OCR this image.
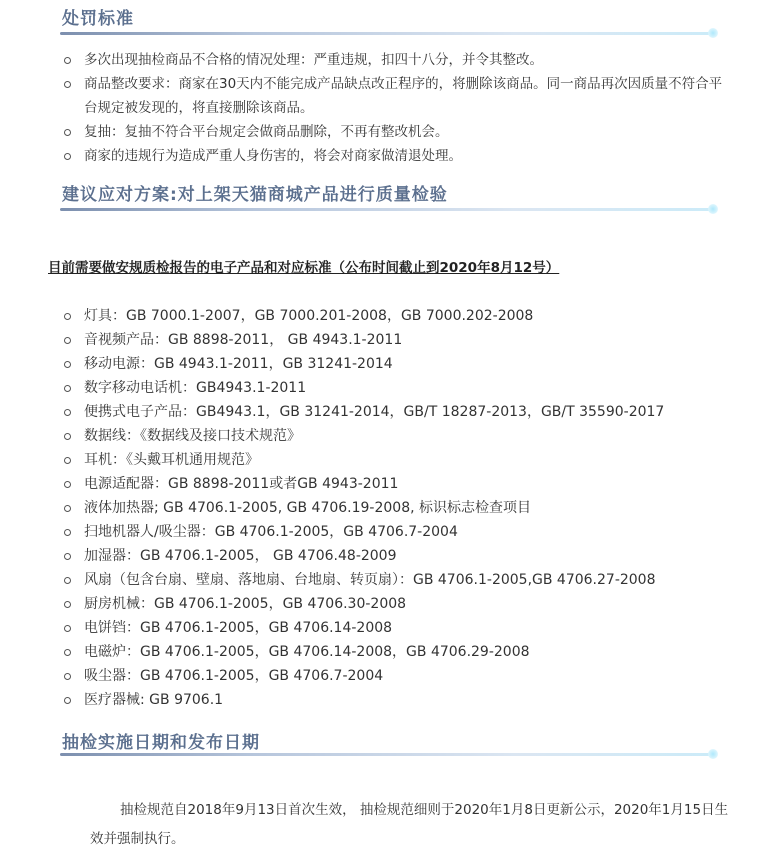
处罚标准
多次出现抽检商品不合格的情况处理：严重违规，扣四十八分，并令其整改。
商品整改要求：商家在30天内不能完成产品缺点改正程序的，将删除该商品。同一商品再次因质量不符合平台规定被发现的，将直接删除该商品。
复抽：复抽不符合平台规定会做商品删除，不再有整改机会。
商家的违规行为造成严重人身伤害的，将会对商家做清退处理。
建议应对方案:对上架天猫商城产品进行质量检验
目前需要做安规质检报告的电子产品和对应标准（公布时间截止到2020年8月12号）
灯具：GB 7000.1-2007，GB 7000.201-2008，GB 7000.202-2008
音视频产品：GB 8898-2011， GB 4943.1-2011
移动电源：GB 4943.1-2011，GB 31241-2014
数字移动电话机：GB4943.1-2011
便携式电子产品：GB4943.1，GB 31241-2014，GB/T 18287-2013，GB/T 35590-2017
数据线：《数据线及接口技术规范》
耳机：《头戴耳机通用规范》
电源适配器：GB 8898-2011或者GB 4943-2011
液体加热器; GB 4706.1-2005, GB 4706.19-2008, 标识标志检查项目
扫地机器人/吸尘器：GB 4706.1-2005，GB 4706.7-2004
加湿器：GB 4706.1-2005， GB 4706.48-2009
风扇（包含台扇、壁扇、落地扇、台地扇、转页扇）：GB 4706.1-2005,GB 4706.27-2008
厨房机械：GB 4706.1-2005，GB 4706.30-2008
电饼铛：GB 4706.1-2005，GB 4706.14-2008
电磁炉：GB 4706.1-2005，GB 4706.14-2008，GB 4706.29-2008
吸尘器：GB 4706.1-2005，GB 4706.7-2004
医疗器械: GB 9706.1
抽检实施日期和发布日期
抽检规范自2018年9月13日首次生效， 抽检规范细则于2020年1月8日更新公示，2020年1月15日生效并强制执行。
